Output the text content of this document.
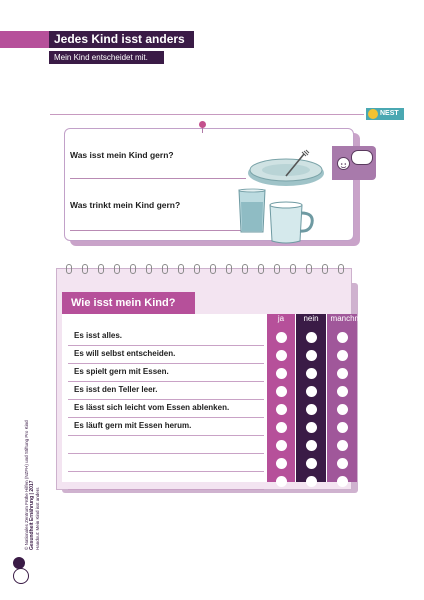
Jedes Kind isst anders
Mein Kind entscheidet mit.
NEST
Was isst mein Kind gern?
Was trinkt mein Kind gern?
Wie isst mein Kind?
ja	nein	manchmal
Es isst alles.
Es will selbst entscheiden.
Es spielt gern mit Essen.
Es isst den Teller leer.
Es lässt sich leicht vom Essen ablenken.
Es läuft gern mit Essen herum.
© Nationales Zentrum Frühe Hilfen (NZFH) und Stiftung Pro Kind Gesundheit Ernährung | 2017 Handout: Mein Kind isst anders
